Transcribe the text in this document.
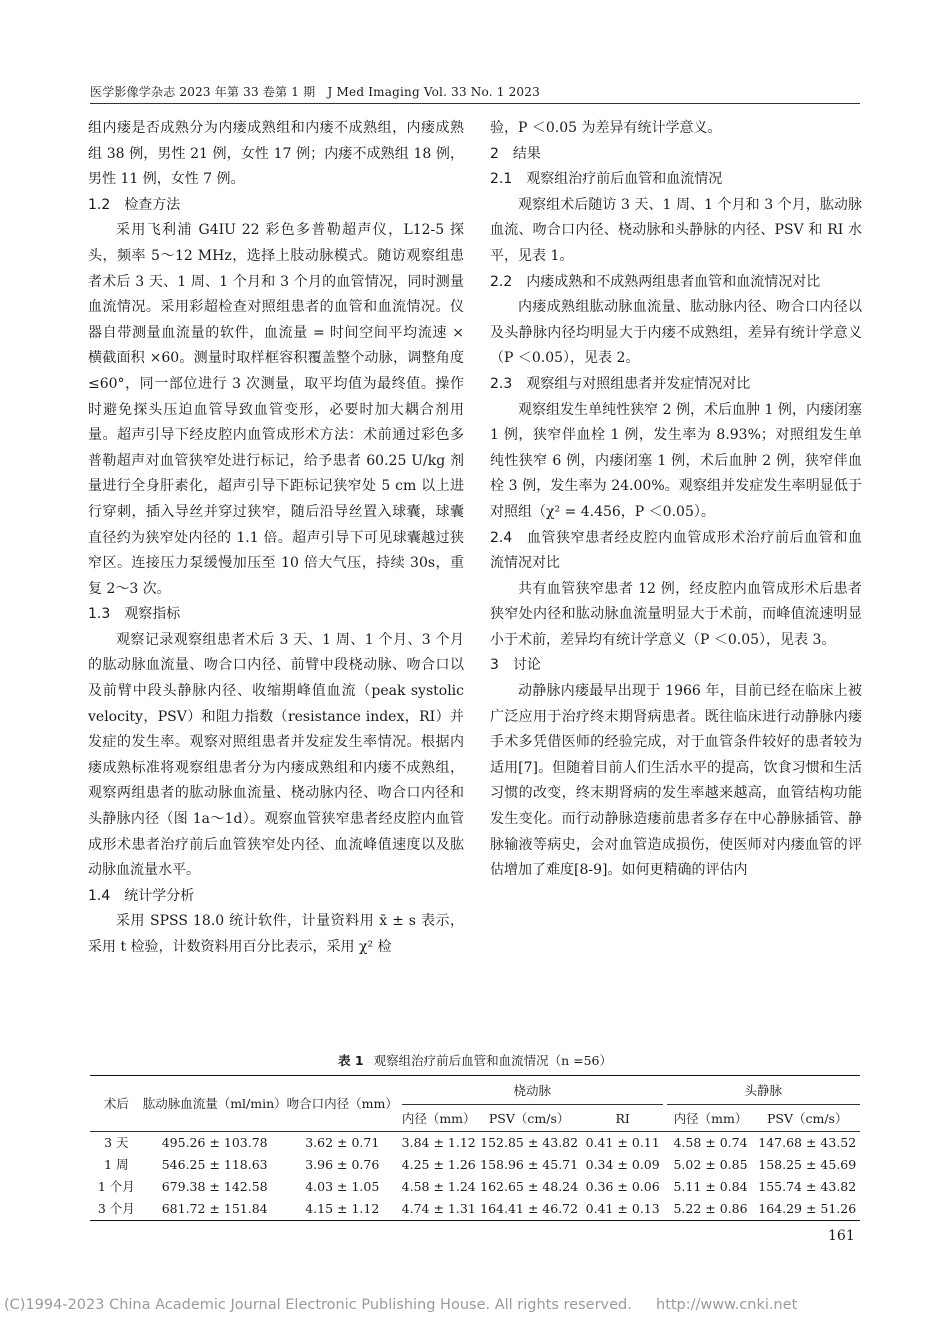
医学影像学杂志 2023 年第 33 卷第 1 期　J Med Imaging Vol. 33 No. 1 2023

组内瘘是否成熟分为内瘘成熟组和内瘘不成熟组，内瘘成熟组 38 例，男性 21 例，女性 17 例；内瘘不成熟组 18 例，男性 11 例，女性 7 例。

1.2 检查方法

采用飞利浦 G4IU 22 彩色多普勒超声仪，L12-5 探头，频率 5～12 MHz，选择上肢动脉模式。随访观察组患者术后 3 天、1 周、1 个月和 3 个月的血管情况，同时测量血流情况。采用彩超检查对照组患者的血管和血流情况。仪器自带测量血流量的软件，血流量 = 时间空间平均流速 × 横截面积 ×60。测量时取样框容积覆盖整个动脉，调整角度 ≤60°，同一部位进行 3 次测量，取平均值为最终值。操作时避免探头压迫血管导致血管变形，必要时加大耦合剂用量。超声引导下经皮腔内血管成形术方法：术前通过彩色多普勒超声对血管狭窄处进行标记，给予患者 60.25 U/kg 剂量进行全身肝素化，超声引导下距标记狭窄处 5 cm 以上进行穿刺，插入导丝并穿过狭窄，随后沿导丝置入球囊，球囊直径约为狭窄处内径的 1.1 倍。超声引导下可见球囊越过狭窄区。连接压力泵缓慢加压至 10 倍大气压，持续 30s，重复 2～3 次。

1.3 观察指标

观察记录观察组患者术后 3 天、1 周、1 个月、3 个月的肱动脉血流量、吻合口内径、前臂中段桡动脉、吻合口以及前臂中段头静脉内径、收缩期峰值血流（peak systolic velocity，PSV）和阻力指数（resistance index，RI）并发症的发生率。观察对照组患者并发症发生率情况。根据内瘘成熟标准将观察组患者分为内瘘成熟组和内瘘不成熟组，观察两组患者的肱动脉血流量、桡动脉内径、吻合口内径和头静脉内径（图 1a～1d）。观察血管狭窄患者经皮腔内血管成形术患者治疗前后血管狭窄处内径、血流峰值速度以及肱动脉血流量水平。

1.4 统计学分析

采用 SPSS 18.0 统计软件，计量资料用 x̄ ± s 表示，采用 t 检验，计数资料用百分比表示，采用 χ² 检

验，P ＜0.05 为差异有统计学意义。

2 结果

2.1 观察组治疗前后血管和血流情况

观察组术后随访 3 天、1 周、1 个月和 3 个月，肱动脉血流、吻合口内径、桡动脉和头静脉的内径、PSV 和 RI 水平，见表 1。

2.2 内瘘成熟和不成熟两组患者血管和血流情况对比

内瘘成熟组肱动脉血流量、肱动脉内径、吻合口内径以及头静脉内径均明显大于内瘘不成熟组，差异有统计学意义（P ＜0.05），见表 2。

2.3 观察组与对照组患者并发症情况对比

观察组发生单纯性狭窄 2 例，术后血肿 1 例，内瘘闭塞 1 例，狭窄伴血栓 1 例，发生率为 8.93%；对照组发生单纯性狭窄 6 例，内瘘闭塞 1 例，术后血肿 2 例，狭窄伴血栓 3 例，发生率为 24.00%。观察组并发症发生率明显低于对照组（χ² = 4.456，P ＜0.05）。

2.4 血管狭窄患者经皮腔内血管成形术治疗前后血管和血流情况对比

共有血管狭窄患者 12 例，经皮腔内血管成形术后患者狭窄处内径和肱动脉血流量明显大于术前，而峰值流速明显小于术前，差异均有统计学意义（P ＜0.05），见表 3。

3 讨论

动静脉内瘘最早出现于 1966 年，目前已经在临床上被广泛应用于治疗终末期肾病患者。既往临床进行动静脉内瘘手术多凭借医师的经验完成，对于血管条件较好的患者较为适用[7]。但随着目前人们生活水平的提高，饮食习惯和生活习惯的改变，终末期肾病的发生率越来越高，血管结构功能发生变化。而行动静脉造瘘前患者多存在中心静脉插管、静脉输液等病史，会对血管造成损伤，使医师对内瘘血管的评估增加了难度[8-9]。如何更精确的评估内

表 1 观察组治疗前后血管和血流情况（n =56）
术后	肱动脉血流量（ml/min）	吻合口内径（mm）		桡动脉				头静脉	
				内径（mm）	PSV（cm/s）	RI		内径（mm）	PSV（cm/s）
3 天	495.26 ± 103.78	3.62 ± 0.71		3.84 ± 1.12	152.85 ± 43.82	0.41 ± 0.11		4.58 ± 0.74	147.68 ± 43.52
1 周	546.25 ± 118.63	3.96 ± 0.76		4.25 ± 1.26	158.96 ± 45.71	0.34 ± 0.09		5.02 ± 0.85	158.25 ± 45.69
1 个月	679.38 ± 142.58	4.03 ± 1.05		4.58 ± 1.24	162.65 ± 48.24	0.36 ± 0.06		5.11 ± 0.84	155.74 ± 43.82
3 个月	681.72 ± 151.84	4.15 ± 1.12		4.74 ± 1.31	164.41 ± 46.72	0.41 ± 0.13		5.22 ± 0.86	164.29 ± 51.26
161
(C)1994-2023 China Academic Journal Electronic Publishing House. All rights reserved. http://www.cnki.net
